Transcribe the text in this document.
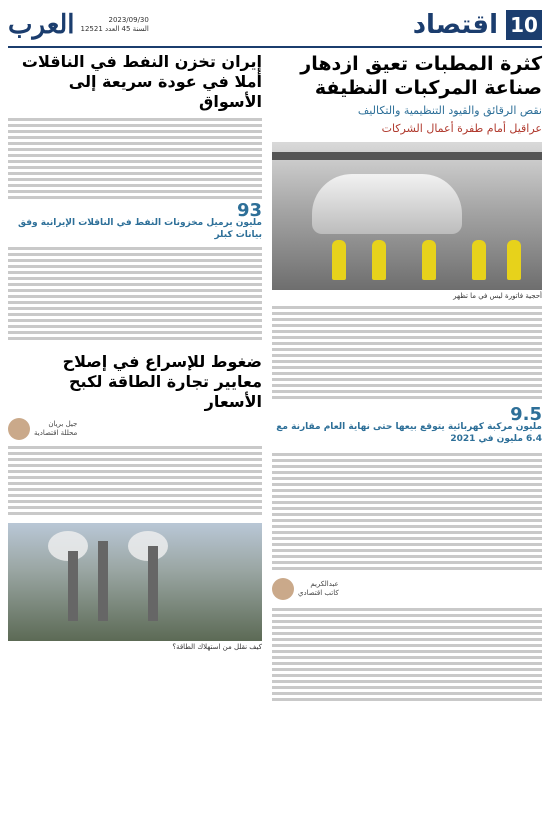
10
اقتصاد
2023/09/30
السنة 45 العدد 12521
العرب
كثرة المطبات تعيق ازدهار
صناعة المركبات النظيفة
نقص الرقائق والقيود التنظيمية والتكاليف
عراقيل أمام طفرة أعمال الشركات
أحجية فاتورة ليس في ما تظهر
9.5
مليون مركبة كهربائية يتوقع بيعها حتى نهاية العام مقارنة مع 6.4 مليون في 2021
عبدالكريم
كاتب اقتصادي
إيران تخزن النفط في الناقلات
أملا في عودة سريعة إلى الأسواق
93
مليون برميل مخزونات النفط في الناقلات الإيرانية وفق بيانات كبلر
ضغوط للإسراع في إصلاح
معايير تجارة الطاقة لكبح الأسعار
جيل بريان
محللة اقتصادية
كيف نقلل من استهلاك الطاقة؟
